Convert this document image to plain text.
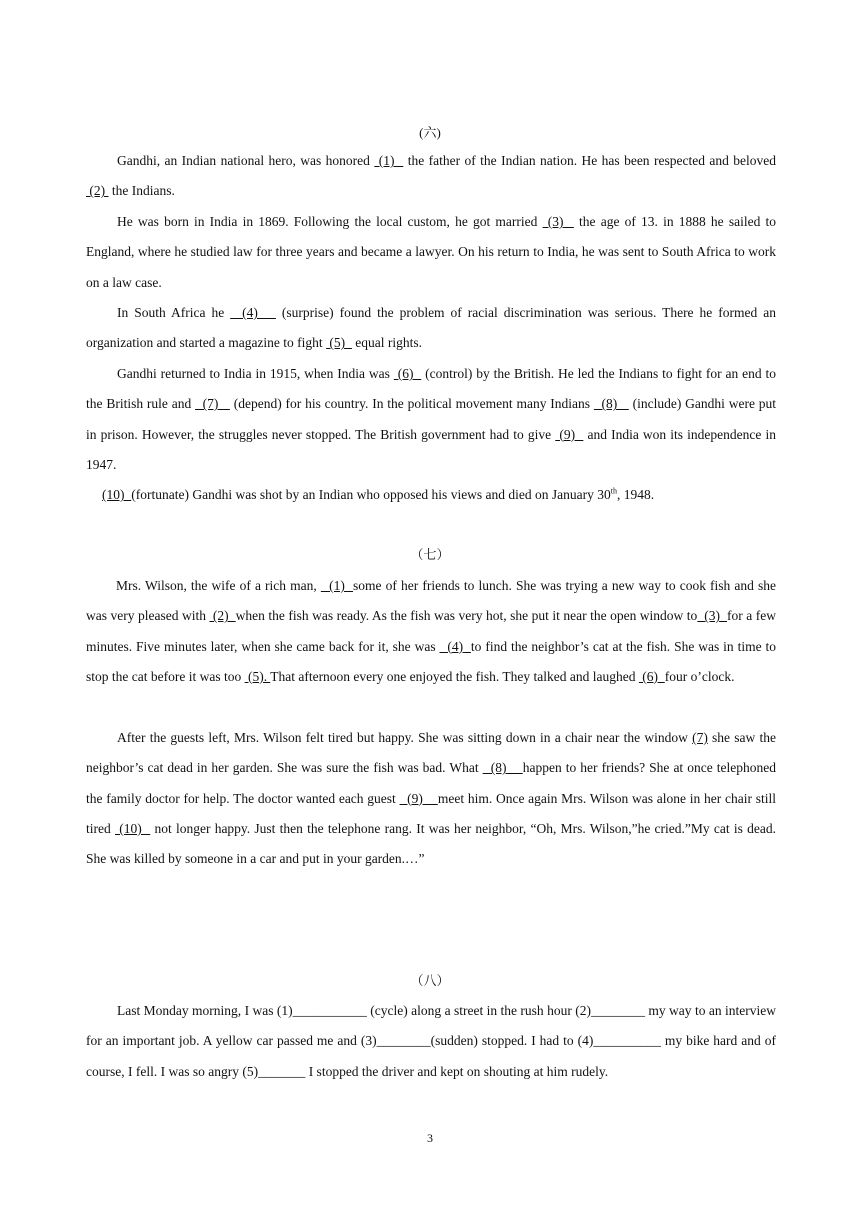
(六)

Gandhi, an Indian national hero, was honored  (1)   the father of the Indian nation. He has been respected and beloved  (2)  the Indians.

He was born in India in 1869. Following the local custom, he got married  (3)   the age of 13. in 1888 he sailed to England, where he studied law for three years and became a lawyer. On his return to India, he was sent to South Africa to work on a law case.

In South Africa he   (4)    (surprise) found the problem of racial discrimination was serious. There he formed an organization and started a magazine to fight  (5)   equal rights.

Gandhi returned to India in 1915, when India was  (6)   (control) by the British. He led the Indians to fight for an end to the British rule and   (7)    (depend) for his country. In the political movement many Indians   (8)    (include) Gandhi were put in prison. However, the struggles never stopped. The British government had to give  (9)   and India won its independence in 1947.

(10)  (fortunate) Gandhi was shot by an Indian who opposed his views and died on January 30th, 1948.

（七）

Mrs. Wilson, the wife of a rich man,   (1)  some of her friends to lunch. She was trying a new way to cook fish and she was very pleased with  (2)  when the fish was ready. As the fish was very hot, she put it near the open window to  (3)  for a few minutes. Five minutes later, when she came back for it, she was   (4)  to find the neighbor’s cat at the fish. She was in time to stop the cat before it was too  (5). That afternoon every one enjoyed the fish. They talked and laughed  (6)  four o’clock.

After the guests left, Mrs. Wilson felt tired but happy. She was sitting down in a chair near the window (7) she saw the neighbor’s cat dead in her garden. She was sure the fish was bad. What   (8)    happen to her friends? She at once telephoned the family doctor for help. The doctor wanted each guest   (9)    meet him. Once again Mrs. Wilson was alone in her chair still tired  (10)   not longer happy. Just then the telephone rang. It was her neighbor, “Oh, Mrs. Wilson,”he cried.”My cat is dead. She was killed by someone in a car and put in your garden.…”

（八）

Last Monday morning, I was (1)___________ (cycle) along a street in the rush hour (2)________ my way to an interview for an important job. A yellow car passed me and (3)________(sudden) stopped. I had to (4)__________ my bike hard and of course, I fell. I was so angry (5)_______ I stopped the driver and kept on shouting at him rudely.

3
